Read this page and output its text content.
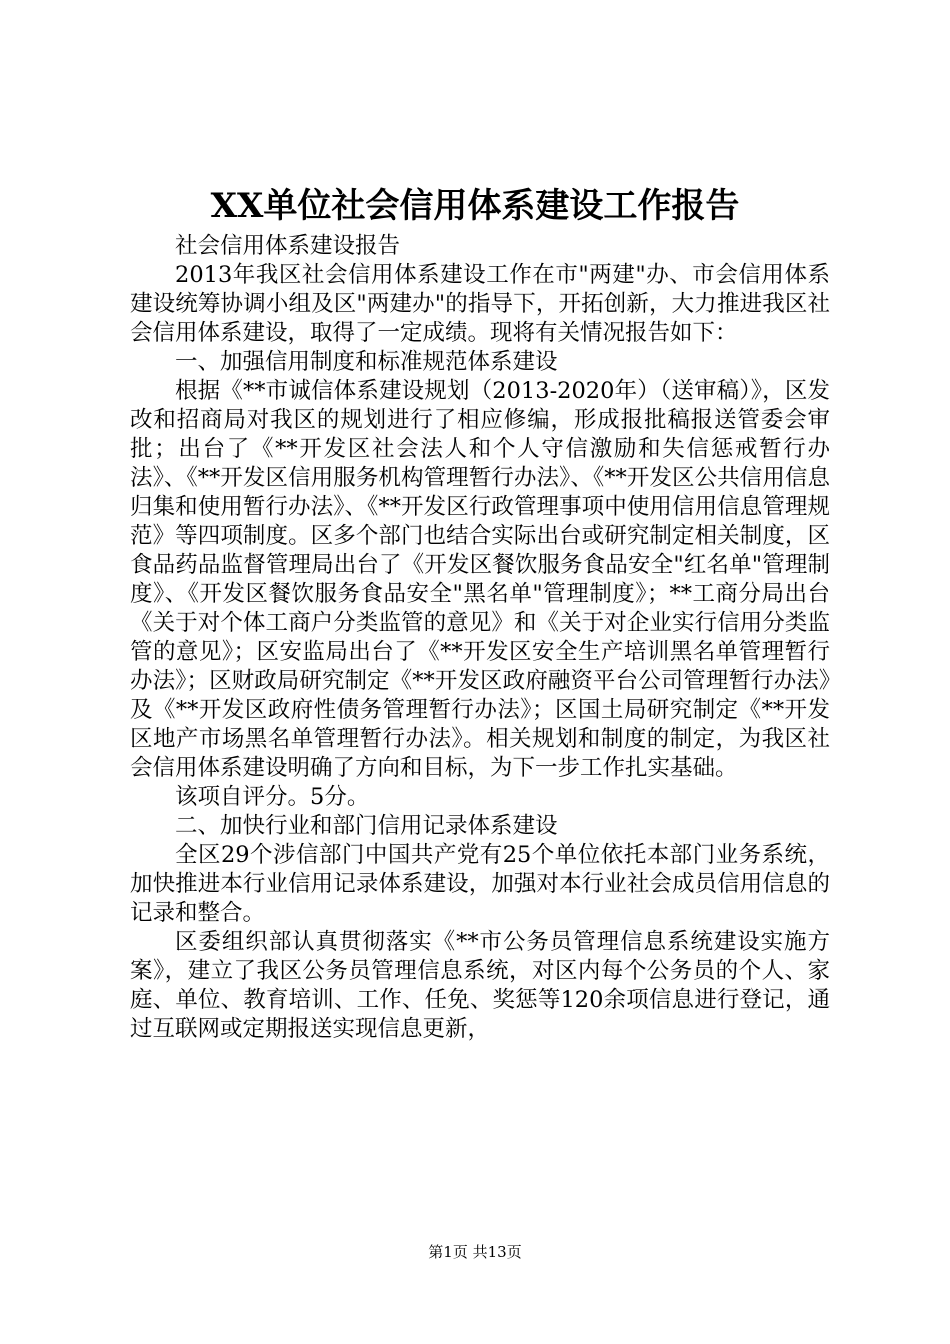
XX单位社会信用体系建设工作报告

社会信用体系建设报告

2013年我区社会信用体系建设工作在市"两建"办、市会信用体系建设统筹协调小组及区"两建办"的指导下，开拓创新，大力推进我区社会信用体系建设，取得了一定成绩。现将有关情况报告如下：

一、加强信用制度和标准规范体系建设

根据《**市诚信体系建设规划（2013-2020年）（送审稿）》，区发改和招商局对我区的规划进行了相应修编，形成报批稿报送管委会审批；出台了《**开发区社会法人和个人守信激励和失信惩戒暂行办法》、《**开发区信用服务机构管理暂行办法》、《**开发区公共信用信息归集和使用暂行办法》、《**开发区行政管理事项中使用信用信息管理规范》等四项制度。区多个部门也结合实际出台或研究制定相关制度，区食品药品监督管理局出台了《开发区餐饮服务食品安全"红名单"管理制度》、《开发区餐饮服务食品安全"黑名单"管理制度》；**工商分局出台《关于对个体工商户分类监管的意见》和《关于对企业实行信用分类监管的意见》；区安监局出台了《**开发区安全生产培训黑名单管理暂行办法》；区财政局研究制定《**开发区政府融资平台公司管理暂行办法》及《**开发区政府性债务管理暂行办法》；区国土局研究制定《**开发区地产市场黑名单管理暂行办法》。相关规划和制度的制定，为我区社会信用体系建设明确了方向和目标，为下一步工作扎实基础。

该项自评分。5分。

二、加快行业和部门信用记录体系建设

全区29个涉信部门中国共产党有25个单位依托本部门业务系统，加快推进本行业信用记录体系建设，加强对本行业社会成员信用信息的记录和整合。

区委组织部认真贯彻落实《**市公务员管理信息系统建设实施方案》，建立了我区公务员管理信息系统，对区内每个公务员的个人、家庭、单位、教育培训、工作、任免、奖惩等120余项信息进行登记，通过互联网或定期报送实现信息更新，

第1页 共13页
